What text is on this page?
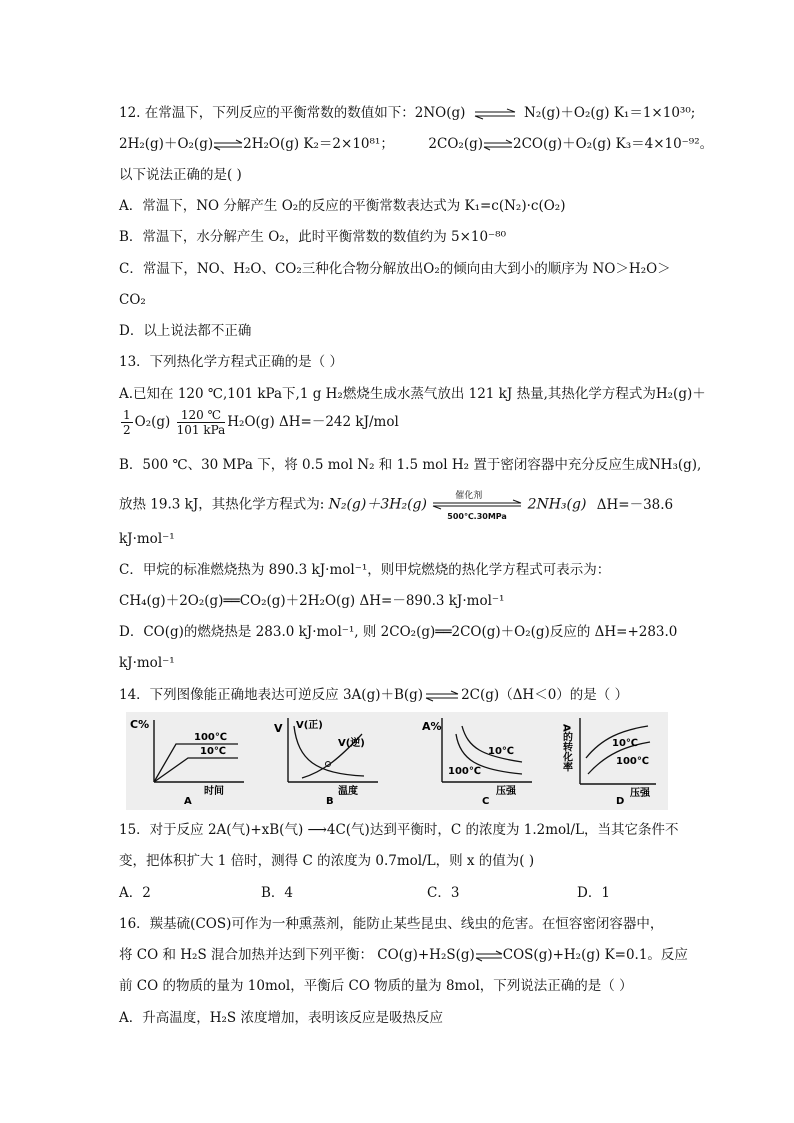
12. 在常温下，下列反应的平衡常数的数值如下：2NO(g) ⇌ N₂(g)＋O₂(g) K₁＝1×10³⁰;
2H₂(g)＋O₂(g)⇌2H₂O(g) K₂＝2×10⁸¹；	2CO₂(g)⇌2CO(g)＋O₂(g) K₃＝4×10⁻⁹²。
以下说法正确的是( )
A．常温下，NO 分解产生 O₂的反应的平衡常数表达式为 K₁=c(N₂)·c(O₂)
B．常温下，水分解产生 O₂，此时平衡常数的数值约为 5×10⁻⁸⁰
C．常温下，NO、H₂O、CO₂三种化合物分解放出O₂的倾向由大到小的顺序为 NO＞H₂O＞
CO₂
D．以上说法都不正确
13．下列热化学方程式正确的是（ ）
A.已知在 120 ℃,101 kPa下,1 g H₂燃烧生成水蒸气放出 121 kJ 热量,其热化学方程式为H₂(g)＋
$\frac{1}{2} O_2(g) \frac{120 ℃}{\text{101 kPa}} H_2O(g)$ ΔH=－242 kJ/mol
B．500 ℃、30 MPa 下，将 0.5 mol N₂ 和 1.5 mol H₂ 置于密闭容器中充分反应生成NH₃(g),
放热 19.3 kJ，其热化学方程式为: N₂(g)＋3H₂(g)
催化剂
500℃.30MPa
2NH₃(g) ΔH=－38.6
kJ·mol⁻¹
C．甲烷的标准燃烧热为 890.3 kJ·mol⁻¹，则甲烷燃烧的热化学方程式可表示为：
CH₄(g)＋2O₂(g)══CO₂(g)＋2H₂O(g) ΔH=－890.3 kJ·mol⁻¹
D．CO(g)的燃烧热是 283.0 kJ·mol⁻¹, 则 2CO₂(g)══2CO(g)＋O₂(g)反应的 ΔH=+283.0
kJ·mol⁻¹
14．下列图像能正确地表达可逆反应 3A(g)＋B(g) ⇌ 2C(g)（ΔH＜0）的是（ ）
C%
100℃
10℃
时间
A
V V(正)
V(逆)
温度
B
A%
10℃
100℃
压强
C
A的转化率	10℃
100℃
压强
D
15．对于反应 2A(气)+xB(气) ⟶4C(气)达到平衡时，C 的浓度为 1.2mol/L，当其它条件不
变，把体积扩大 1 倍时，测得 C 的浓度为 0.7mol/L，则 x 的值为( )
A．2	B．4	C．3	D．1
16．羰基硫(COS)可作为一种熏蒸剂，能防止某些昆虫、线虫的危害。在恒容密闭容器中，
将 CO 和 H₂S 混合加热并达到下列平衡： CO(g)+H₂S(g)⇌COS(g)+H₂(g) K=0.1。反应
前 CO 的物质的量为 10mol，平衡后 CO 物质的量为 8mol，下列说法正确的是（ ）
A．升高温度，H₂S 浓度增加，表明该反应是吸热反应
